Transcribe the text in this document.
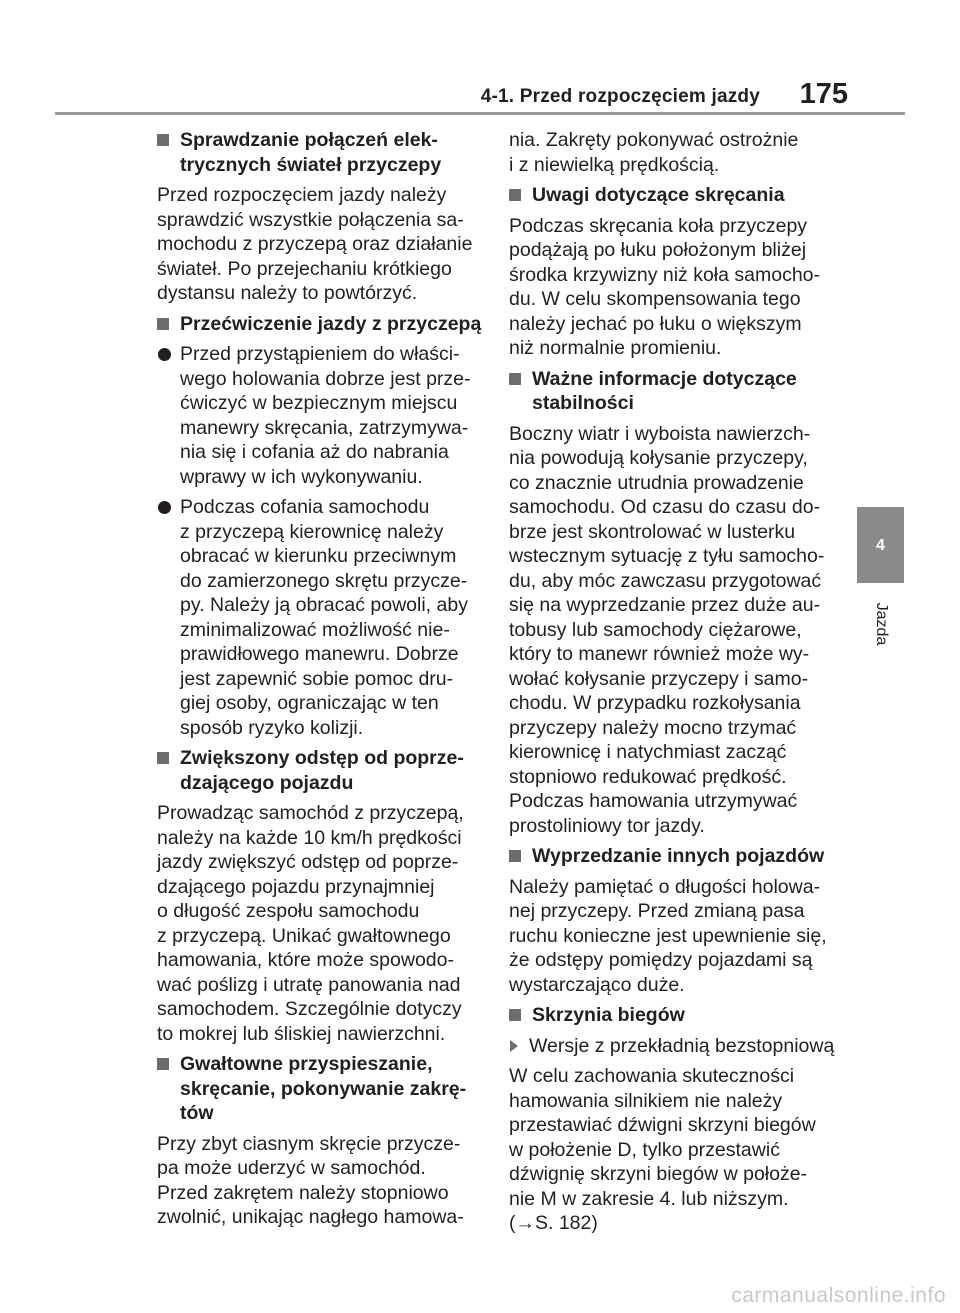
4-1. Przed rozpoczęciem jazdy 175
4
Jazda
Sprawdzanie połączeń elek-
trycznych świateł przyczepy
Przed rozpoczęciem jazdy należy
sprawdzić wszystkie połączenia sa-
mochodu z przyczepą oraz działanie
świateł. Po przejechaniu krótkiego
dystansu należy to powtórzyć.
Przećwiczenie jazdy z przyczepą
Przed przystąpieniem do właści-
wego holowania dobrze jest prze-
ćwiczyć w bezpiecznym miejscu
manewry skręcania, zatrzymywa-
nia się i cofania aż do nabrania
wprawy w ich wykonywaniu.
Podczas cofania samochodu
z przyczepą kierownicę należy
obracać w kierunku przeciwnym
do zamierzonego skrętu przycze-
py. Należy ją obracać powoli, aby
zminimalizować możliwość nie-
prawidłowego manewru. Dobrze
jest zapewnić sobie pomoc dru-
giej osoby, ograniczając w ten
sposób ryzyko kolizji.
Zwiększony odstęp od poprze-
dzającego pojazdu
Prowadząc samochód z przyczepą,
należy na każde 10 km/h prędkości
jazdy zwiększyć odstęp od poprze-
dzającego pojazdu przynajmniej
o długość zespołu samochodu
z przyczepą. Unikać gwałtownego
hamowania, które może spowodo-
wać poślizg i utratę panowania nad
samochodem. Szczególnie dotyczy
to mokrej lub śliskiej nawierzchni.
Gwałtowne przyspieszanie,
skręcanie, pokonywanie zakrę-
tów
Przy zbyt ciasnym skręcie przycze-
pa może uderzyć w samochód.
Przed zakrętem należy stopniowo
zwolnić, unikając nagłego hamowa-
nia. Zakręty pokonywać ostrożnie
i z niewielką prędkością.
Uwagi dotyczące skręcania
Podczas skręcania koła przyczepy
podążają po łuku położonym bliżej
środka krzywizny niż koła samocho-
du. W celu skompensowania tego
należy jechać po łuku o większym
niż normalnie promieniu.
Ważne informacje dotyczące
stabilności
Boczny wiatr i wyboista nawierzch-
nia powodują kołysanie przyczepy,
co znacznie utrudnia prowadzenie
samochodu. Od czasu do czasu do-
brze jest skontrolować w lusterku
wstecznym sytuację z tyłu samocho-
du, aby móc zawczasu przygotować
się na wyprzedzanie przez duże au-
tobusy lub samochody ciężarowe,
który to manewr również może wy-
wołać kołysanie przyczepy i samo-
chodu. W przypadku rozkołysania
przyczepy należy mocno trzymać
kierownicę i natychmiast zacząć
stopniowo redukować prędkość.
Podczas hamowania utrzymywać
prostoliniowy tor jazdy.
Wyprzedzanie innych pojazdów
Należy pamiętać o długości holowa-
nej przyczepy. Przed zmianą pasa
ruchu konieczne jest upewnienie się,
że odstępy pomiędzy pojazdami są
wystarczająco duże.
Skrzynia biegów
Wersje z przekładnią bezstopniową
W celu zachowania skuteczności
hamowania silnikiem nie należy
przestawiać dźwigni skrzyni biegów
w położenie D, tylko przestawić
dźwignię skrzyni biegów w położe-
nie M w zakresie 4. lub niższym.
(→S. 182)
carmanualsonline.info
